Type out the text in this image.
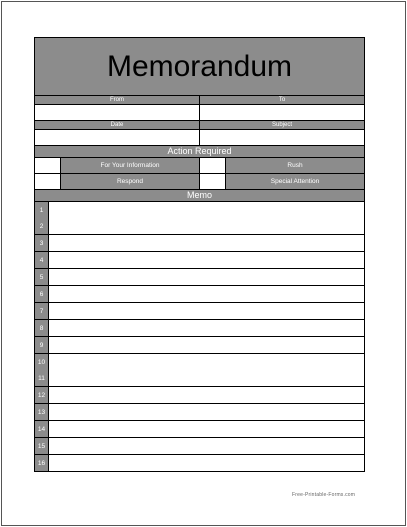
Memorandum
From	To
Date	Subject
Action Required
For Your Information	Rush
Respond	Special Attention
Memo
1
2
3
4
5
6
7
8
9
10
11
12
13
14
15
16
Free-Printable-Forms.com
